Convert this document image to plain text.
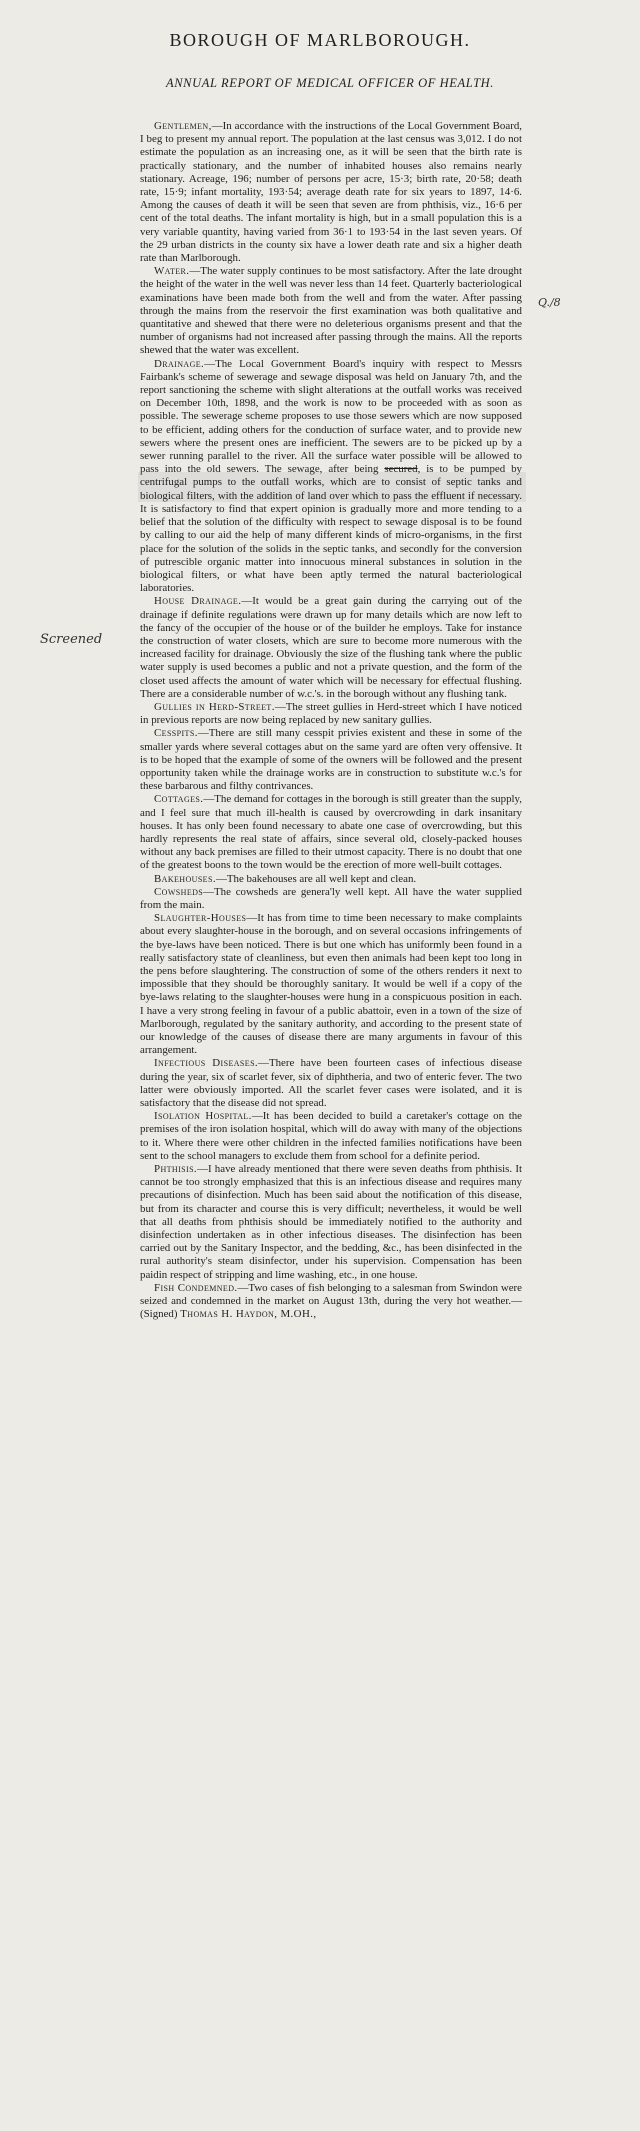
BOROUGH OF MARLBOROUGH.
ANNUAL REPORT OF MEDICAL OFFICER OF HEALTH.
Screened
Q./8

Gentlemen,—In accordance with the instructions of the Local Government Board, I beg to present my annual report. The population at the last census was 3,012. I do not estimate the population as an increasing one, as it will be seen that the birth rate is practically stationary, and the number of inhabited houses also remains nearly stationary. Acreage, 196; number of persons per acre, 15·3; birth rate, 20·58; death rate, 15·9; infant mortality, 193·54; average death rate for six years to 1897, 14·6. Among the causes of death it will be seen that seven are from phthisis, viz., 16·6 per cent of the total deaths. The infant mortality is high, but in a small population this is a very variable quantity, having varied from 36·1 to 193·54 in the last seven years. Of the 29 urban districts in the county six have a lower death rate and six a higher death rate than Marlborough.

Water.—The water supply continues to be most satisfactory. After the late drought the height of the water in the well was never less than 14 feet. Quarterly bacteriological examinations have been made both from the well and from the water. After passing through the mains from the reservoir the first examination was both qualitative and quantitative and shewed that there were no deleterious organisms present and that the number of organisms had not increased after passing through the mains. All the reports shewed that the water was excellent.

Drainage.—The Local Government Board's inquiry with respect to Messrs Fairbank's scheme of sewerage and sewage disposal was held on January 7th, and the report sanctioning the scheme with slight alterations at the outfall works was received on December 10th, 1898, and the work is now to be proceeded with as soon as possible. The sewerage scheme proposes to use those sewers which are now supposed to be efficient, adding others for the conduction of surface water, and to provide new sewers where the present ones are inefficient. The sewers are to be picked up by a sewer running parallel to the river. All the surface water possible will be allowed to pass into the old sewers. The sewage, after being secured, is to be pumped by centrifugal pumps to the outfall works, which are to consist of septic tanks and biological filters, with the addition of land over which to pass the effluent if necessary. It is satisfactory to find that expert opinion is gradually more and more tending to a belief that the solution of the difficulty with respect to sewage disposal is to be found by calling to our aid the help of many different kinds of micro-organisms, in the first place for the solution of the solids in the septic tanks, and secondly for the conversion of putrescible organic matter into innocuous mineral substances in solution in the biological filters, or what have been aptly termed the natural bacteriological laboratories.

House Drainage.—It would be a great gain during the carrying out of the drainage if definite regulations were drawn up for many details which are now left to the fancy of the occupier of the house or of the builder he employs. Take for instance the construction of water closets, which are sure to become more numerous with the increased facility for drainage. Obviously the size of the flushing tank where the public water supply is used becomes a public and not a private question, and the form of the closet used affects the amount of water which will be necessary for effectual flushing. There are a considerable number of w.c.'s. in the borough without any flushing tank.

Gullies in Herd-Street.—The street gullies in Herd-street which I have noticed in previous reports are now being replaced by new sanitary gullies.

Cesspits.—There are still many cesspit privies existent and these in some of the smaller yards where several cottages abut on the same yard are often very offensive. It is to be hoped that the example of some of the owners will be followed and the present opportunity taken while the drainage works are in construction to substitute w.c.'s for these barbarous and filthy contrivances.

Cottages.—The demand for cottages in the borough is still greater than the supply, and I feel sure that much ill-health is caused by overcrowding in dark insanitary houses. It has only been found necessary to abate one case of overcrowding, but this hardly represents the real state of affairs, since several old, closely-packed houses without any back premises are filled to their utmost capacity. There is no doubt that one of the greatest boons to the town would be the erection of more well-built cottages.

Bakehouses.—The bakehouses are all well kept and clean.

Cowsheds—The cowsheds are genera'ly well kept. All have the water supplied from the main.

Slaughter-Houses—It has from time to time been necessary to make complaints about every slaughter-house in the borough, and on several occasions infringements of the bye-laws have been noticed. There is but one which has uniformly been found in a really satisfactory state of cleanliness, but even then animals had been kept too long in the pens before slaughtering. The construction of some of the others renders it next to impossible that they should be thoroughly sanitary. It would be well if a copy of the bye-laws relating to the slaughter-houses were hung in a conspicuous position in each. I have a very strong feeling in favour of a public abattoir, even in a town of the size of Marlborough, regulated by the sanitary authority, and according to the present state of our knowledge of the causes of disease there are many arguments in favour of this arrangement.

Infectious Diseases.—There have been fourteen cases of infectious disease during the year, six of scarlet fever, six of diphtheria, and two of enteric fever. The two latter were obviously imported. All the scarlet fever cases were isolated, and it is satisfactory that the disease did not spread.

Isolation Hospital.—It has been decided to build a caretaker's cottage on the premises of the iron isolation hospital, which will do away with many of the objections to it. Where there were other children in the infected families notifications have been sent to the school managers to exclude them from school for a definite period.

Phthisis.—I have already mentioned that there were seven deaths from phthisis. It cannot be too strongly emphasized that this is an infectious disease and requires many precautions of disinfection. Much has been said about the notification of this disease, but from its character and course this is very difficult; nevertheless, it would be well that all deaths from phthisis should be immediately notified to the authority and disinfection undertaken as in other infectious diseases. The disinfection has been carried out by the Sanitary Inspector, and the bedding, &c., has been disinfected in the rural authority's steam disinfector, under his supervision. Compensation has been paidin respect of stripping and lime washing, etc., in one house.

Fish Condemned.—Two cases of fish belonging to a salesman from Swindon were seized and condemned in the market on August 13th, during the very hot weather.—(Signed) Thomas H. Haydon, M.OH.,
